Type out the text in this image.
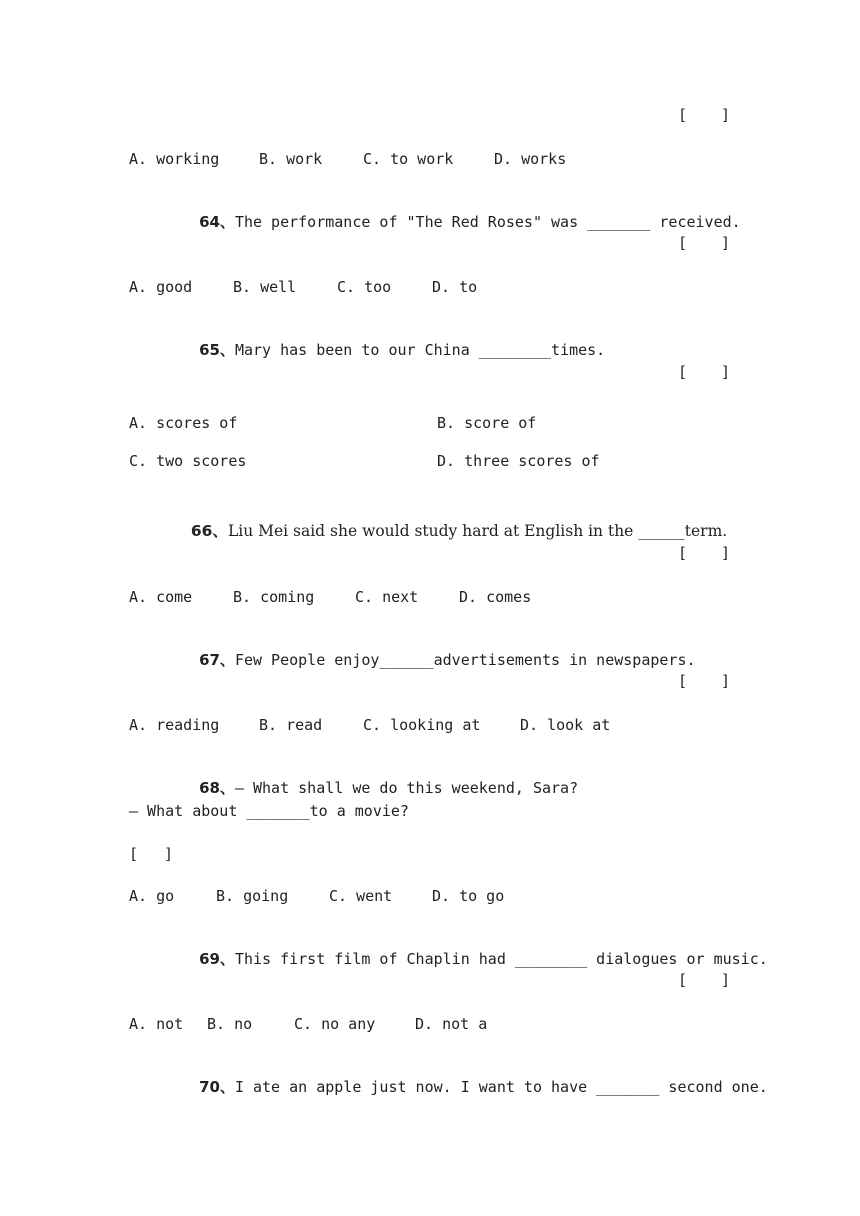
[ ]
A. working	B. work	C. to work	D. works

64、The performance of "The Red Roses" was _______ received.

[ ]
A. good	B. well	C. too	D. to

65、Mary has been to our China ________times.

[ ]
A. scores of	B. score of
C. two scores	D. three scores of

66、Liu Mei said she would study hard at English in the ______term.

[ ]
A. come	B. coming	C. next	D. comes

67、Few People enjoy______advertisements in newspapers.

[ ]
A. reading	B. read	C. looking at	D. look at

68、— What shall we do this weekend, Sara?

— What about _______to a movie?
[ ]
A. go	B. going	C. went	D. to go

69、This first film of Chaplin had ________ dialogues or music.

[ ]
A. not B. no	C. no any	D. not a

70、I ate an apple just now. I want to have _______ second one.
